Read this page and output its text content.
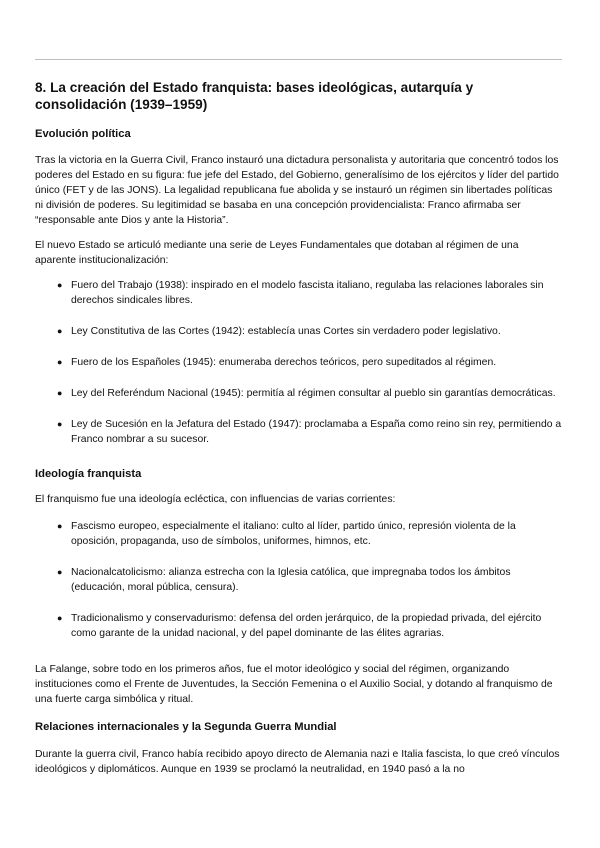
8. La creación del Estado franquista: bases ideológicas, autarquía y consolidación (1939–1959)
Evolución política

Tras la victoria en la Guerra Civil, Franco instauró una dictadura personalista y autoritaria que concentró todos los poderes del Estado en su figura: fue jefe del Estado, del Gobierno, generalísimo de los ejércitos y líder del partido único (FET y de las JONS). La legalidad republicana fue abolida y se instauró un régimen sin libertades políticas ni división de poderes. Su legitimidad se basaba en una concepción providencialista: Franco afirmaba ser “responsable ante Dios y ante la Historia”.

El nuevo Estado se articuló mediante una serie de Leyes Fundamentales que dotaban al régimen de una aparente institucionalización:

● Fuero del Trabajo (1938): inspirado en el modelo fascista italiano, regulaba las relaciones laborales sin derechos sindicales libres.
● Ley Constitutiva de las Cortes (1942): establecía unas Cortes sin verdadero poder legislativo.
● Fuero de los Españoles (1945): enumeraba derechos teóricos, pero supeditados al régimen.
● Ley del Referéndum Nacional (1945): permitía al régimen consultar al pueblo sin garantías democráticas.
● Ley de Sucesión en la Jefatura del Estado (1947): proclamaba a España como reino sin rey, permitiendo a Franco nombrar a su sucesor.
Ideología franquista

El franquismo fue una ideología ecléctica, con influencias de varias corrientes:

● Fascismo europeo, especialmente el italiano: culto al líder, partido único, represión violenta de la oposición, propaganda, uso de símbolos, uniformes, himnos, etc.
● Nacionalcatolicismo: alianza estrecha con la Iglesia católica, que impregnaba todos los ámbitos (educación, moral pública, censura).
● Tradicionalismo y conservadurismo: defensa del orden jerárquico, de la propiedad privada, del ejército como garante de la unidad nacional, y del papel dominante de las élites agrarias.

La Falange, sobre todo en los primeros años, fue el motor ideológico y social del régimen, organizando instituciones como el Frente de Juventudes, la Sección Femenina o el Auxilio Social, y dotando al franquismo de una fuerte carga simbólica y ritual.

Relaciones internacionales y la Segunda Guerra Mundial

Durante la guerra civil, Franco había recibido apoyo directo de Alemania nazi e Italia fascista, lo que creó vínculos ideológicos y diplomáticos. Aunque en 1939 se proclamó la neutralidad, en 1940 pasó a la no
